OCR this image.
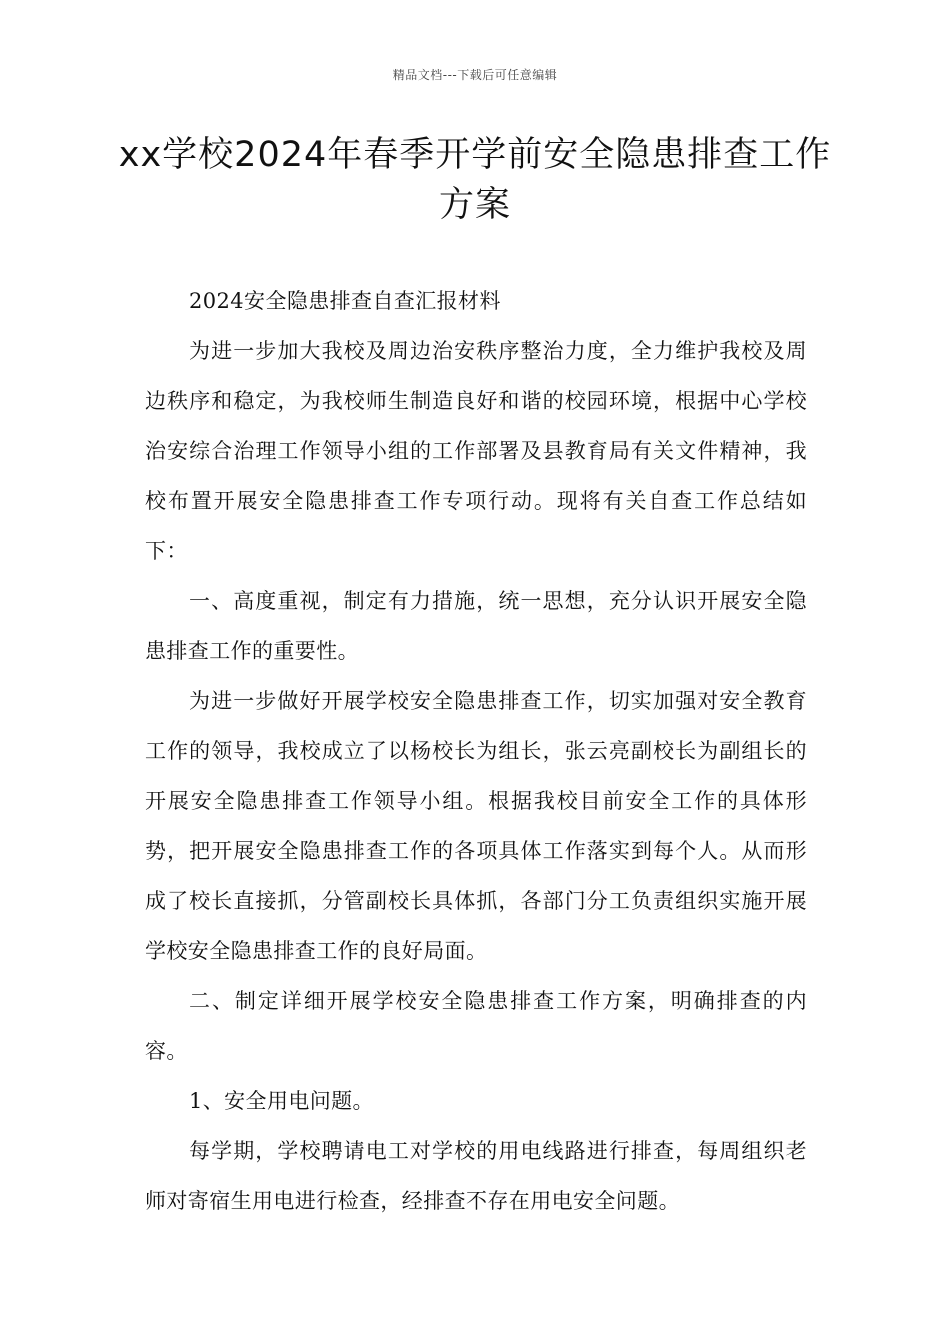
精品文档---下载后可任意编辑
xx学校2024年春季开学前安全隐患排查工作方案

2024安全隐患排查自查汇报材料

为进一步加大我校及周边治安秩序整治力度，全力维护我校及周边秩序和稳定，为我校师生制造良好和谐的校园环境，根据中心学校治安综合治理工作领导小组的工作部署及县教育局有关文件精神，我校布置开展安全隐患排查工作专项行动。现将有关自查工作总结如下：

一、高度重视，制定有力措施，统一思想，充分认识开展安全隐患排查工作的重要性。

为进一步做好开展学校安全隐患排查工作，切实加强对安全教育工作的领导，我校成立了以杨校长为组长，张云亮副校长为副组长的开展安全隐患排查工作领导小组。根据我校目前安全工作的具体形势，把开展安全隐患排查工作的各项具体工作落实到每个人。从而形成了校长直接抓，分管副校长具体抓，各部门分工负责组织实施开展学校安全隐患排查工作的良好局面。

二、制定详细开展学校安全隐患排查工作方案，明确排查的内容。

1、安全用电问题。

每学期，学校聘请电工对学校的用电线路进行排查，每周组织老师对寄宿生用电进行检查，经排查不存在用电安全问题。
